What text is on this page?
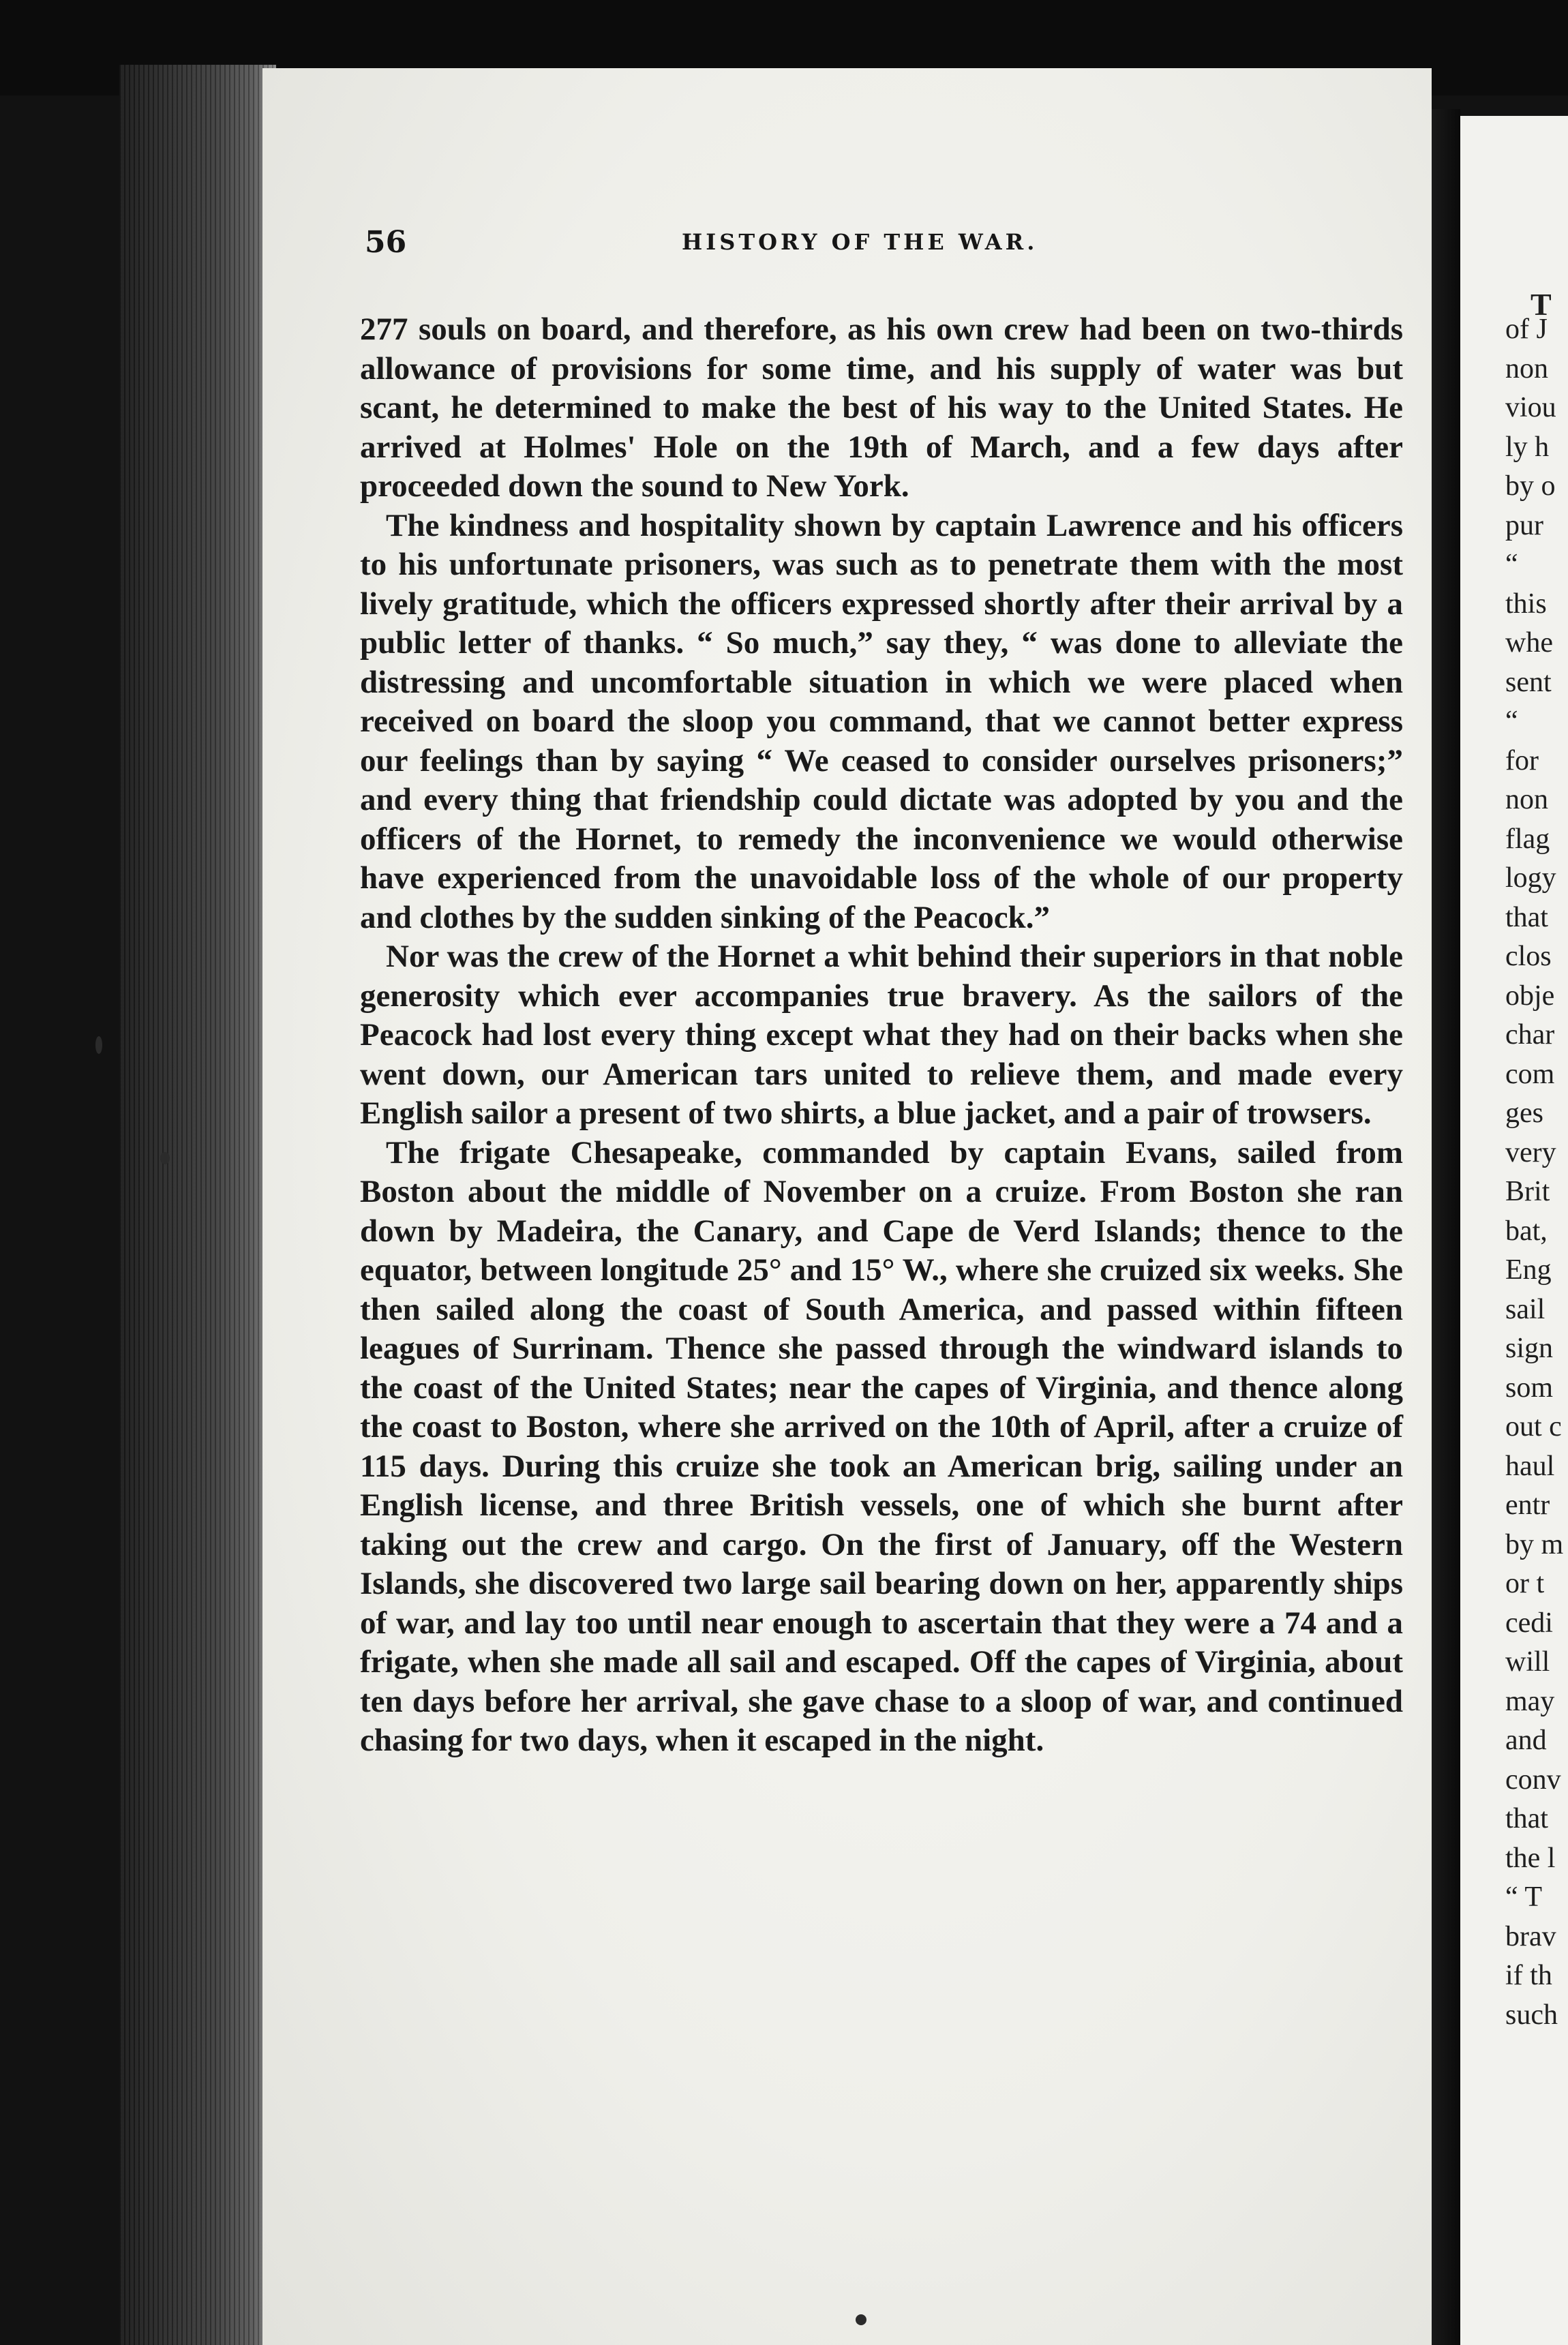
56	HISTORY OF THE WAR.

277 souls on board, and therefore, as his own crew had been on two-thirds allowance of provisions for some time, and his supply of water was but scant, he determined to make the best of his way to the United States. He arrived at Holmes' Hole on the 19th of March, and a few days after proceeded down the sound to New York.

The kindness and hospitality shown by captain Lawrence and his officers to his unfortunate prisoners, was such as to penetrate them with the most lively gratitude, which the officers expressed shortly after their arrival by a public letter of thanks. “ So much,” say they, “ was done to alleviate the distressing and uncomfortable situation in which we were placed when received on board the sloop you command, that we cannot better express our feelings than by saying “ We ceased to consider ourselves prisoners;” and every thing that friendship could dictate was adopted by you and the officers of the Hornet, to remedy the inconvenience we would otherwise have experienced from the unavoidable loss of the whole of our property and clothes by the sudden sinking of the Peacock.”

Nor was the crew of the Hornet a whit behind their superiors in that noble generosity which ever accompanies true bravery. As the sailors of the Peacock had lost every thing except what they had on their backs when she went down, our American tars united to relieve them, and made every English sailor a present of two shirts, a blue jacket, and a pair of trowsers.

The frigate Chesapeake, commanded by captain Evans, sailed from Boston about the middle of November on a cruize. From Boston she ran down by Madeira, the Canary, and Cape de Verd Islands; thence to the equator, between longitude 25° and 15° W., where she cruized six weeks. She then sailed along the coast of South America, and passed within fifteen leagues of Surrinam. Thence she passed through the windward islands to the coast of the United States; near the capes of Virginia, and thence along the coast to Boston, where she arrived on the 10th of April, after a cruize of 115 days. During this cruize she took an American brig, sailing under an English license, and three British vessels, one of which she burnt after taking out the crew and cargo. On the first of January, off the Western Islands, she discovered two large sail bearing down on her, apparently ships of war, and lay too until near enough to ascertain that they were a 74 and a frigate, when she made all sail and escaped. Off the capes of Virginia, about ten days before her arrival, she gave chase to a sloop of war, and continued chasing for two days, when it escaped in the night.

T
of J
non
viou
ly h
by o
pur
“
this
whe
sent
“
for
non
flag
logy
that
clos
obje
char
com
ges
very
Brit
bat,
Eng
sail
sign
som
out c
haul
entr
by m
or t
cedi
will
may
and
conv
that
the l
“ T
brav
if th
such
